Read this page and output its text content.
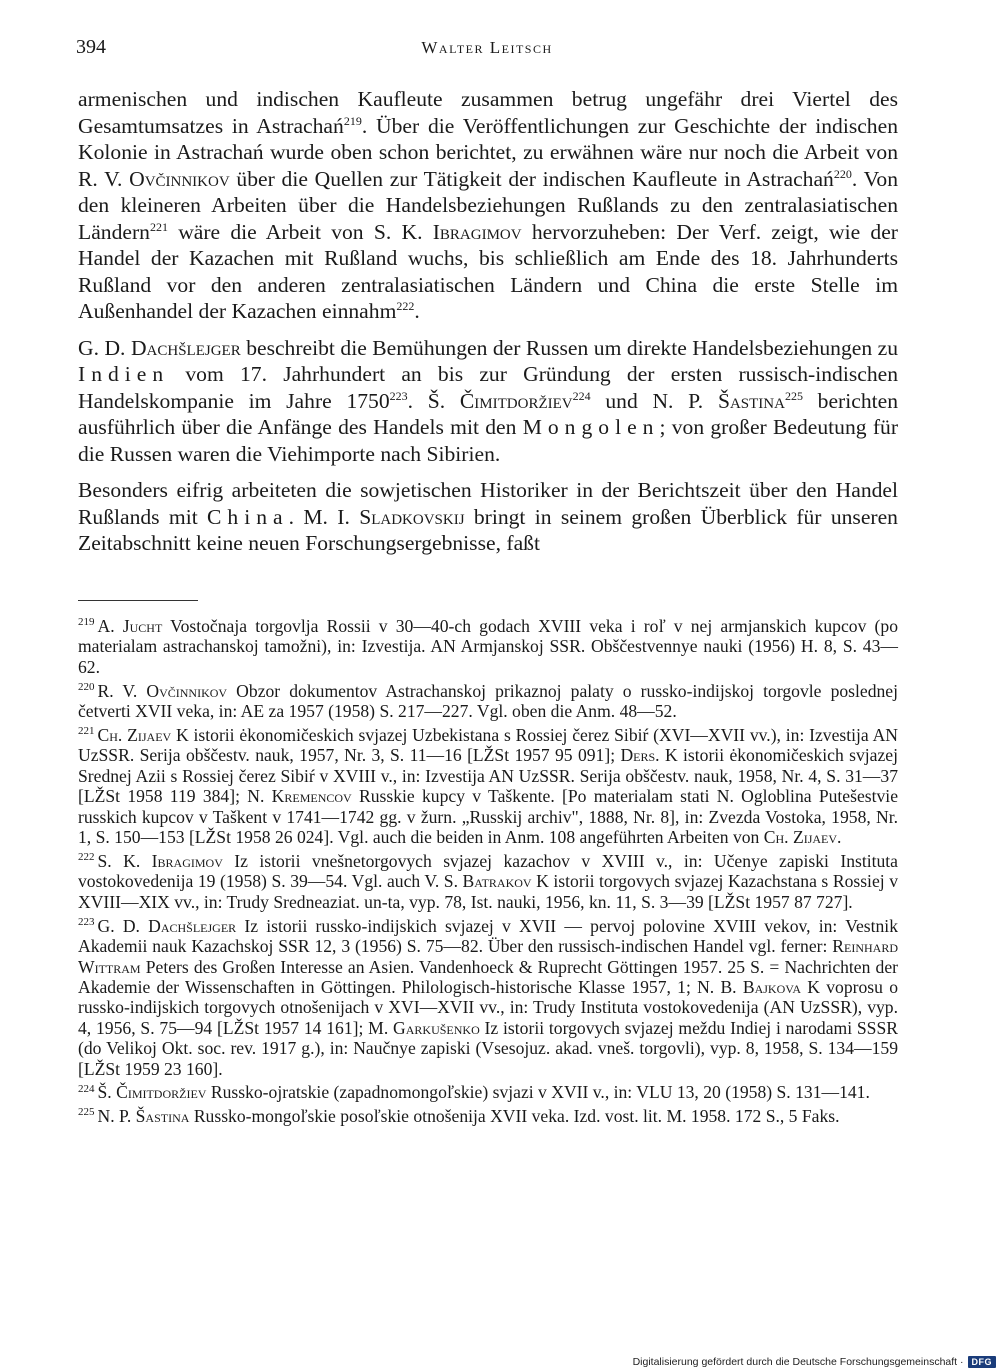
394	Walter Leitsch

armenischen und indischen Kaufleute zusammen betrug ungefähr drei Viertel des Gesamtumsatzes in Astrachań$^{219}$. Über die Veröffentlichungen zur Geschichte der indischen Kolonie in Astrachań wurde oben schon berichtet, zu erwähnen wäre nur noch die Arbeit von R. V. Ovčinnikov über die Quellen zur Tätigkeit der indischen Kaufleute in Astrachań$^{220}$. Von den kleineren Arbeiten über die Handelsbeziehungen Rußlands zu den zentralasiatischen Ländern$^{221}$ wäre die Arbeit von S. K. Ibragimov hervorzuheben: Der Verf. zeigt, wie der Handel der Kazachen mit Rußland wuchs, bis schließlich am Ende des 18. Jahrhunderts Rußland vor den anderen zentralasiatischen Ländern und China die erste Stelle im Außenhandel der Kazachen einnahm$^{222}$.

G. D. Dachšlejger beschreibt die Bemühungen der Russen um direkte Handelsbeziehungen zu Indien vom 17. Jahrhundert an bis zur Gründung der ersten russisch-indischen Handelskompanie im Jahre 1750$^{223}$. Š. Čimitdoržiev$^{224}$ und N. P. Šastina$^{225}$ berichten ausführlich über die Anfänge des Handels mit den Mongolen; von großer Bedeutung für die Russen waren die Viehimporte nach Sibirien.

Besonders eifrig arbeiteten die sowjetischen Historiker in der Berichtszeit über den Handel Rußlands mit China. M. I. Sladkovskij bringt in seinem großen Überblick für unseren Zeitabschnitt keine neuen Forschungsergebnisse, faßt

$^{219}$ A. Jucht Vostočnaja torgovlja Rossii v 30—40-ch godach XVIII veka i roľ v nej armjanskich kupcov (po materialam astrachanskoj tamožni), in: Izvestija. AN Armjanskoj SSR. Obščestvennye nauki (1956) H. 8, S. 43—62.

$^{220}$ R. V. Ovčinnikov Obzor dokumentov Astrachanskoj prikaznoj palaty o russko-indijskoj torgovle poslednej četverti XVII veka, in: AE za 1957 (1958) S. 217—227. Vgl. oben die Anm. 48—52.

$^{221}$ Ch. Zijaev K istorii ėkonomičeskich svjazej Uzbekistana s Rossiej čerez Sibiŕ (XVI—XVII vv.), in: Izvestija AN UzSSR. Serija obščestv. nauk, 1957, Nr. 3, S. 11—16 [LŽSt 1957 95 091]; Ders. K istorii ėkonomičeskich svjazej Srednej Azii s Rossiej čerez Sibiŕ v XVIII v., in: Izvestija AN UzSSR. Serija obščestv. nauk, 1958, Nr. 4, S. 31—37 [LŽSt 1958 119 384]; N. Kremencov Russkie kupcy v Taškente. [Po materialam stati N. Ogloblina Putešestvie russkich kupcov v Taškent v 1741—1742 gg. v žurn. „Russkij archiv", 1888, Nr. 8], in: Zvezda Vostoka, 1958, Nr. 1, S. 150—153 [LŽSt 1958 26 024]. Vgl. auch die beiden in Anm. 108 angeführten Arbeiten von Ch. Zijaev.

$^{222}$ S. K. Ibragimov Iz istorii vnešnetorgovych svjazej kazachov v XVIII v., in: Učenye zapiski Instituta vostokovedenija 19 (1958) S. 39—54. Vgl. auch V. S. Batrakov K istorii torgovych svjazej Kazachstana s Rossiej v XVIII—XIX vv., in: Trudy Sredneaziat. un-ta, vyp. 78, Ist. nauki, 1956, kn. 11, S. 3—39 [LŽSt 1957 87 727].

$^{223}$ G. D. Dachšlejger Iz istorii russko-indijskich svjazej v XVII — pervoj polovine XVIII vekov, in: Vestnik Akademii nauk Kazachskoj SSR 12, 3 (1956) S. 75—82. Über den russisch-indischen Handel vgl. ferner: Reinhard Wittram Peters des Großen Interesse an Asien. Vandenhoeck & Ruprecht Göttingen 1957. 25 S. = Nachrichten der Akademie der Wissenschaften in Göttingen. Philologisch-historische Klasse 1957, 1; N. B. Bajkova K voprosu o russko-indijskich torgovych otnošenijach v XVI—XVII vv., in: Trudy Instituta vostokovedenija (AN UzSSR), vyp. 4, 1956, S. 75—94 [LŽSt 1957 14 161]; M. Garkušenko Iz istorii torgovych svjazej meždu Indiej i narodami SSSR (do Velikoj Okt. soc. rev. 1917 g.), in: Naučnye zapiski (Vsesojuz. akad. vneš. torgovli), vyp. 8, 1958, S. 134—159 [LŽSt 1959 23 160].

$^{224}$ Š. Čimitdoržiev Russko-ojratskie (zapadnomongoľskie) svjazi v XVII v., in: VLU 13, 20 (1958) S. 131—141.

$^{225}$ N. P. Šastina Russko-mongoľskie posoľskie otnošenija XVII veka. Izd. vost. lit. M. 1958. 172 S., 5 Faks.

Digitalisierung gefördert durch die Deutsche Forschungsgemeinschaft · DFG
